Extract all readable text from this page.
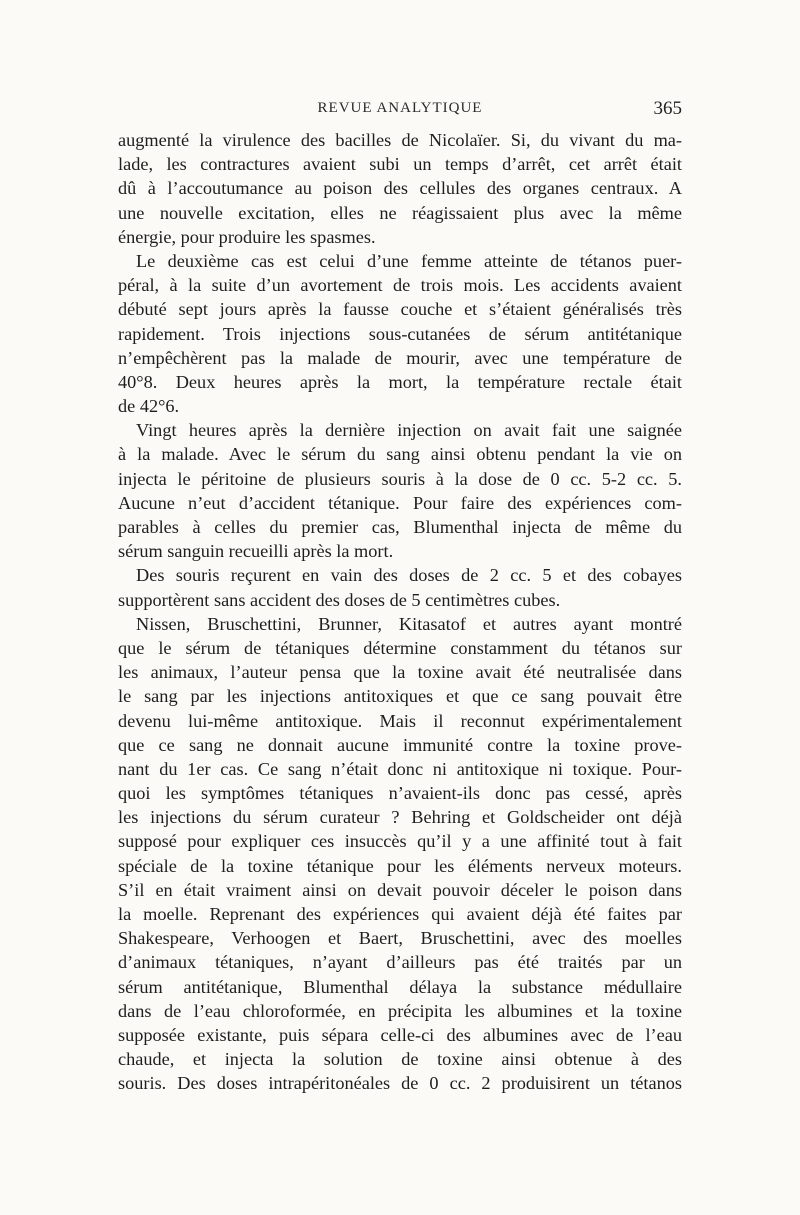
REVUE ANALYTIQUE	365
augmenté la virulence des bacilles de Nicolaïer. Si, du vivant du ma-
lade, les contractures avaient subi un temps d’arrêt, cet arrêt était
dû à l’accoutumance au poison des cellules des organes centraux. A
une nouvelle excitation, elles ne réagissaient plus avec la même
énergie, pour produire les spasmes.
Le deuxième cas est celui d’une femme atteinte de tétanos puer-
péral, à la suite d’un avortement de trois mois. Les accidents avaient
débuté sept jours après la fausse couche et s’étaient généralisés très
rapidement. Trois injections sous-cutanées de sérum antitétanique
n’empêchèrent pas la malade de mourir, avec une température de
40°8. Deux heures après la mort, la température rectale était
de 42°6.
Vingt heures après la dernière injection on avait fait une saignée
à la malade. Avec le sérum du sang ainsi obtenu pendant la vie on
injecta le péritoine de plusieurs souris à la dose de 0 cc. 5-2 cc. 5.
Aucune n’eut d’accident tétanique. Pour faire des expériences com-
parables à celles du premier cas, Blumenthal injecta de même du
sérum sanguin recueilli après la mort.
Des souris reçurent en vain des doses de 2 cc. 5 et des cobayes
supportèrent sans accident des doses de 5 centimètres cubes.
Nissen, Bruschettini, Brunner, Kitasatof et autres ayant montré
que le sérum de tétaniques détermine constamment du tétanos sur
les animaux, l’auteur pensa que la toxine avait été neutralisée dans
le sang par les injections antitoxiques et que ce sang pouvait être
devenu lui-même antitoxique. Mais il reconnut expérimentalement
que ce sang ne donnait aucune immunité contre la toxine prove-
nant du 1er cas. Ce sang n’était donc ni antitoxique ni toxique. Pour-
quoi les symptômes tétaniques n’avaient-ils donc pas cessé, après
les injections du sérum curateur ? Behring et Goldscheider ont déjà
supposé pour expliquer ces insuccès qu’il y a une affinité tout à fait
spéciale de la toxine tétanique pour les éléments nerveux moteurs.
S’il en était vraiment ainsi on devait pouvoir déceler le poison dans
la moelle. Reprenant des expériences qui avaient déjà été faites par
Shakespeare, Verhoogen et Baert, Bruschettini, avec des moelles
d’animaux tétaniques, n’ayant d’ailleurs pas été traités par un
sérum antitétanique, Blumenthal délaya la substance médullaire
dans de l’eau chloroformée, en précipita les albumines et la toxine
supposée existante, puis sépara celle-ci des albumines avec de l’eau
chaude, et injecta la solution de toxine ainsi obtenue à des
souris. Des doses intrapéritonéales de 0 cc. 2 produisirent un tétanos
